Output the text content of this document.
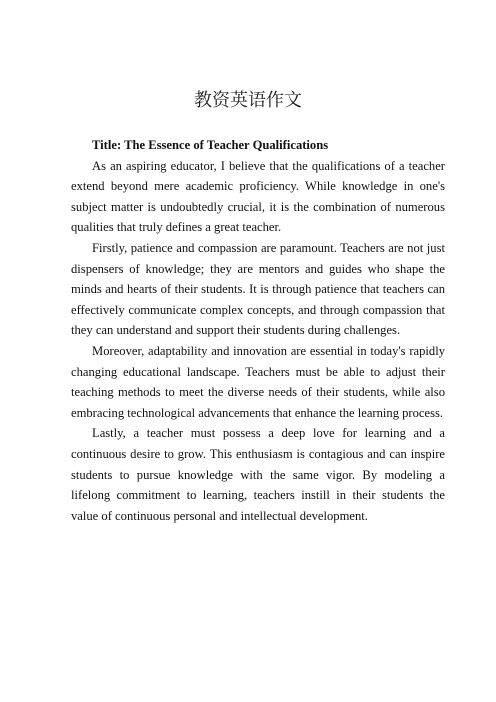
教资英语作文

Title: The Essence of Teacher Qualifications

As an aspiring educator, I believe that the qualifications of a teacher extend beyond mere academic proficiency. While knowledge in one's subject matter is undoubtedly crucial, it is the combination of numerous qualities that truly defines a great teacher.

Firstly, patience and compassion are paramount. Teachers are not just dispensers of knowledge; they are mentors and guides who shape the minds and hearts of their students. It is through patience that teachers can effectively communicate complex concepts, and through compassion that they can understand and support their students during challenges.

Moreover, adaptability and innovation are essential in today's rapidly changing educational landscape. Teachers must be able to adjust their teaching methods to meet the diverse needs of their students, while also embracing technological advancements that enhance the learning process.

Lastly, a teacher must possess a deep love for learning and a continuous desire to grow. This enthusiasm is contagious and can inspire students to pursue knowledge with the same vigor. By modeling a lifelong commitment to learning, teachers instill in their students the value of continuous personal and intellectual development.
